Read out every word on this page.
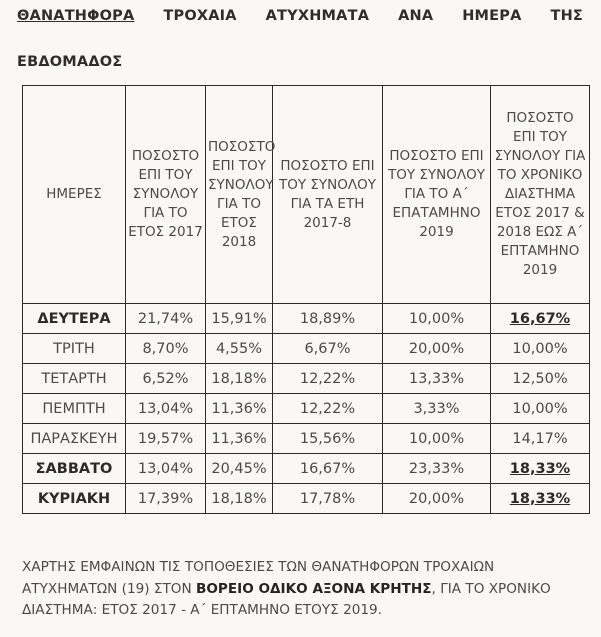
ΘΑΝΑΤΗΦΟΡΑ ΤΡΟΧΑΙΑ ΑΤΥΧΗΜΑΤΑ ΑΝΑ ΗΜΕΡΑ ΤΗΣ
ΕΒΔΟΜΑΔΟΣ
ΗΜΕΡΕΣ	ΠΟΣΟΣΤΟ ΕΠΙ ΤΟΥ ΣΥΝΟΛΟΥ ΓΙΑ ΤΟ ΕΤΟΣ 2017	ΠΟΣΟΣΤΟ ΕΠΙ ΤΟΥ ΣΥΝΟΛΟΥ ΓΙΑ ΤΟ ΕΤΟΣ 2018	ΠΟΣΟΣΤΟ ΕΠΙ ΤΟΥ ΣΥΝΟΛΟΥ ΓΙΑ ΤΑ ΕΤΗ 2017-8	ΠΟΣΟΣΤΟ ΕΠΙ ΤΟΥ ΣΥΝΟΛΟΥ ΓΙΑ ΤΟ Α΄ ΕΠΑΤΑΜΗΝΟ 2019	ΠΟΣΟΣΤΟ ΕΠΙ ΤΟΥ ΣΥΝΟΛΟΥ ΓΙΑ ΤΟ ΧΡΟΝΙΚΟ ΔΙΑΣΤΗΜΑ ΕΤΟΣ 2017 & 2018 ΕΩΣ Α΄ ΕΠΤΑΜΗΝΟ 2019

ΔΕΥΤΕΡΑ	21,74%	15,91%	18,89%	10,00%	16,67%
ΤΡΙΤΗ	8,70%	4,55%	6,67%	20,00%	10,00%
ΤΕΤΑΡΤΗ	6,52%	18,18%	12,22%	13,33%	12,50%
ΠΕΜΠΤΗ	13,04%	11,36%	12,22%	3,33%	10,00%
ΠΑΡΑΣΚΕΥΗ	19,57%	11,36%	15,56%	10,00%	14,17%
ΣΑΒΒΑΤΟ	13,04%	20,45%	16,67%	23,33%	18,33%
ΚΥΡΙΑΚΗ	17,39%	18,18%	17,78%	20,00%	18,33%
ΧΑΡΤΗΣ ΕΜΦΑΙΝΩΝ ΤΙΣ ΤΟΠΟΘΕΣΙΕΣ ΤΩΝ ΘΑΝΑΤΗΦΟΡΩΝ ΤΡΟΧΑΙΩΝ ΑΤΥΧΗΜΑΤΩΝ (19) ΣΤΟΝ ΒΟΡΕΙΟ ΟΔΙΚΟ ΑΞΟΝΑ ΚΡΗΤΗΣ, ΓΙΑ ΤΟ ΧΡΟΝΙΚΟ ΔΙΑΣΤΗΜΑ: ΕΤΟΣ 2017 - Α΄ ΕΠΤΑΜΗΝΟ ΕΤΟΥΣ 2019.
